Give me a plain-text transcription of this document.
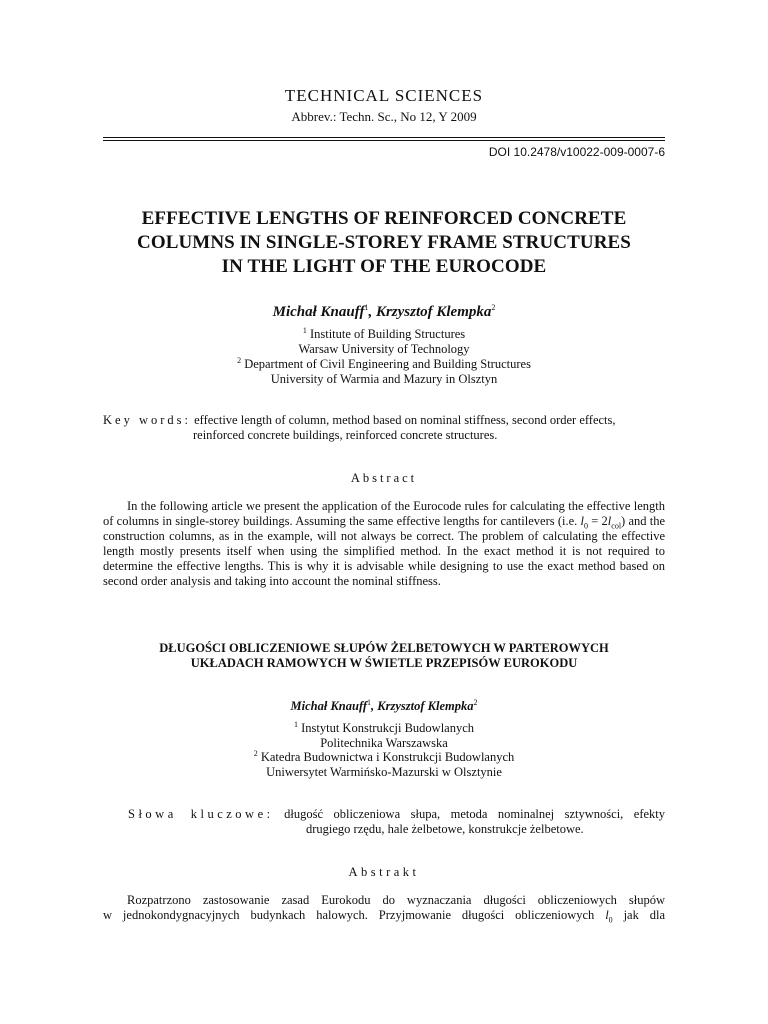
TECHNICAL SCIENCES
Abbrev.: Techn. Sc., No 12, Y 2009
DOI 10.2478/v10022-009-0007-6
EFFECTIVE LENGTHS OF REINFORCED CONCRETE
COLUMNS IN SINGLE-STOREY FRAME STRUCTURES
IN THE LIGHT OF THE EUROCODE
Michał Knauff$^1$, Krzysztof Klempka$^2$
$^1$ Institute of Building Structures
Warsaw University of Technology
$^2$ Department of Civil Engineering and Building Structures
University of Warmia and Mazury in Olsztyn
Key words: effective length of column, method based on nominal stiffness, second order effects,
reinforced concrete buildings, reinforced concrete structures.
Abstract

In the following article we present the application of the Eurocode rules for calculating the effective length of columns in single-storey buildings. Assuming the same effective lengths for cantilevers (i.e. $l_0 = 2l_{col}$) and the construction columns, as in the example, will not always be correct. The problem of calculating the effective length mostly presents itself when using the simplified method. In the exact method it is not required to determine the effective lengths. This is why it is advisable while designing to use the exact method based on second order analysis and taking into account the nominal stiffness.

DŁUGOŚCI OBLICZENIOWE SŁUPÓW ŻELBETOWYCH W PARTEROWYCH
UKŁADACH RAMOWYCH W ŚWIETLE PRZEPISÓW EUROKODU
Michał Knauff$^1$, Krzysztof Klempka$^2$
$^1$ Instytut Konstrukcji Budowlanych
Politechnika Warszawska
$^2$ Katedra Budownictwa i Konstrukcji Budowlanych
Uniwersytet Warmińsko-Mazurski w Olsztynie
Słowa kluczowe: długość obliczeniowa słupa, metoda nominalnej sztywności, efekty
drugiego rzędu, hale żelbetowe, konstrukcje żelbetowe.
Abstrakt
Rozpatrzono zastosowanie zasad Eurokodu do wyznaczania długości obliczeniowych słupów
w jednokondygnacyjnych budynkach halowych. Przyjmowanie długości obliczeniowych $l_0$ jak dla
